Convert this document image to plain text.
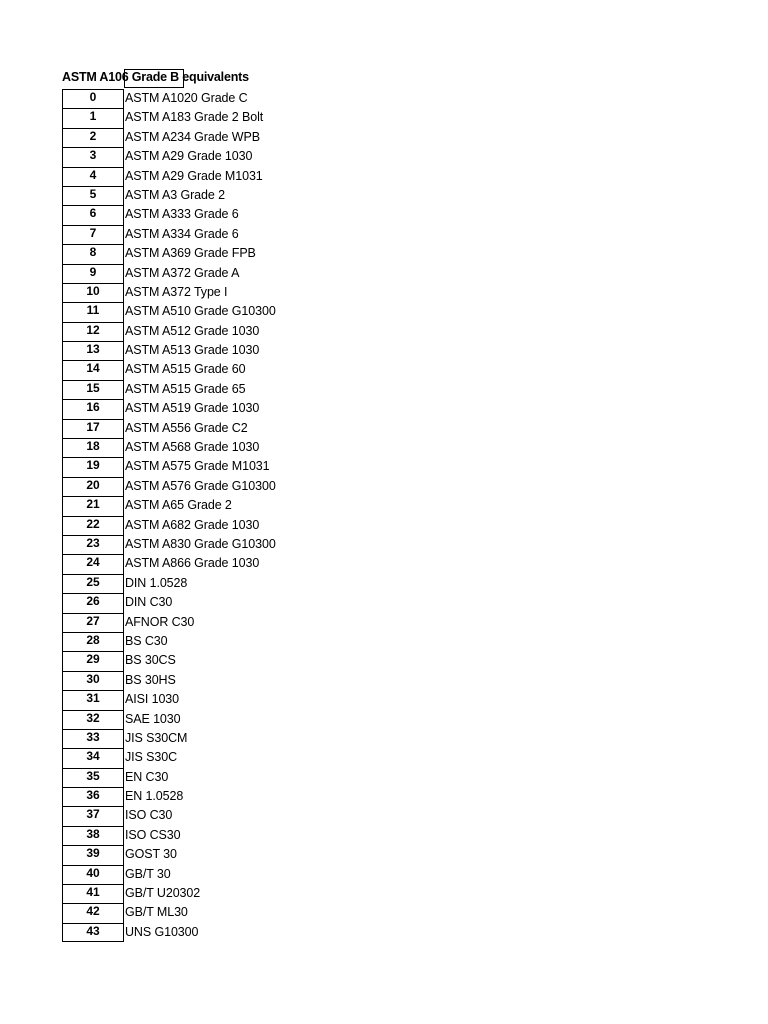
ASTM A106 Grade B equivalents
0	ASTM A1020 Grade C
1	ASTM A183 Grade 2 Bolt
2	ASTM A234 Grade WPB
3	ASTM A29 Grade 1030
4	ASTM A29 Grade M1031
5	ASTM A3 Grade 2
6	ASTM A333 Grade 6
7	ASTM A334 Grade 6
8	ASTM A369 Grade FPB
9	ASTM A372 Grade A
10	ASTM A372 Type I
11	ASTM A510 Grade G10300
12	ASTM A512 Grade 1030
13	ASTM A513 Grade 1030
14	ASTM A515 Grade 60
15	ASTM A515 Grade 65
16	ASTM A519 Grade 1030
17	ASTM A556 Grade C2
18	ASTM A568 Grade 1030
19	ASTM A575 Grade M1031
20	ASTM A576 Grade G10300
21	ASTM A65 Grade 2
22	ASTM A682 Grade 1030
23	ASTM A830 Grade G10300
24	ASTM A866 Grade 1030
25	DIN 1.0528
26	DIN C30
27	AFNOR C30
28	BS C30
29	BS 30CS
30	BS 30HS
31	AISI 1030
32	SAE 1030
33	JIS S30CM
34	JIS S30C
35	EN C30
36	EN 1.0528
37	ISO C30
38	ISO CS30
39	GOST 30
40	GB/T 30
41	GB/T U20302
42	GB/T ML30
43	UNS G10300
